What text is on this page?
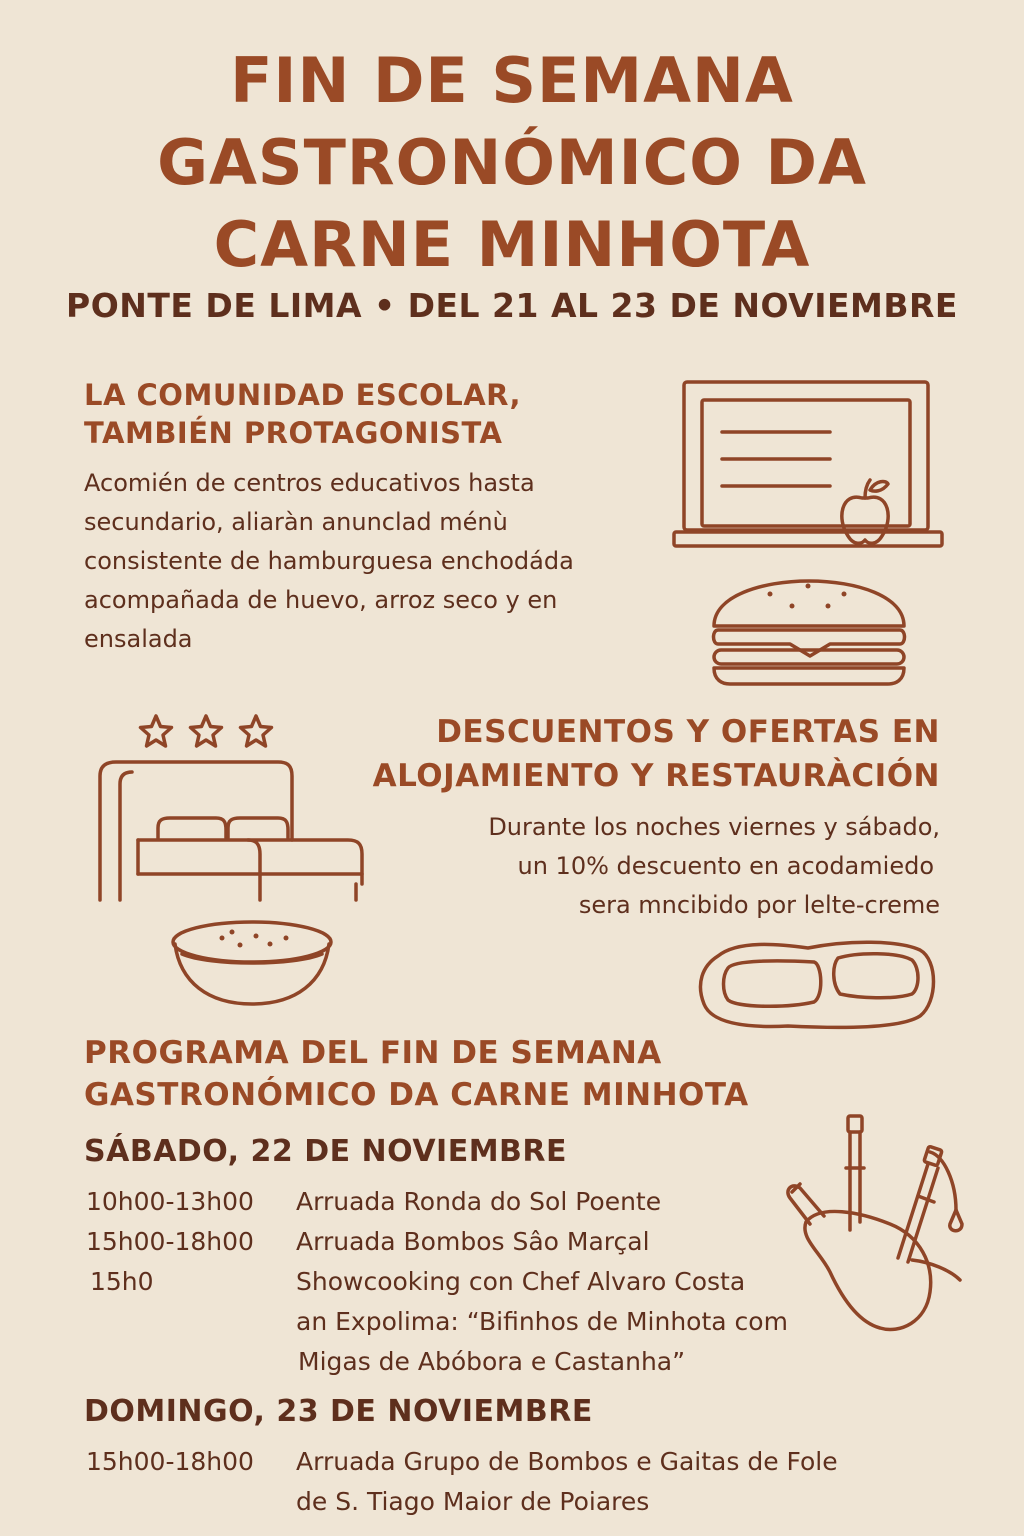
FIN DE SEMANA
GASTRONÓMICO DA
CARNE MINHOTA

PONTE DE LIMA • DEL 21 AL 23 DE NOVIEMBRE

LA COMUNIDAD ESCOLAR,
TAMBIÉN PROTAGONISTA
Acomién de centros educativos hasta
secundario, aliaràn anunclad ménù
consistente de hamburguesa enchodáda
acompañada de huevo, arroz seco y en
ensalada
DESCUENTOS Y OFERTAS EN
ALOJAMIENTO Y RESTAURÀCIÓN
Durante los noches viernes y sábado,
un 10% descuento en acodamiedo
sera mncibido por lelte-creme
PROGRAMA DEL FIN DE SEMANA
GASTRONÓMICO DA CARNE MINHOTA
SÁBADO, 22 DE NOVIEMBRE
10h00-13h00 Arruada Ronda do Sol Poente
15h00-18h00 Arruada Bombos Sâo Marçal
15h0	Showcooking con Chef Alvaro Costa
an Expolima: “Bifinhos de Minhota com
Migas de Abóbora e Castanha”
DOMINGO, 23 DE NOVIEMBRE
15h00-18h00 Arruada Grupo de Bombos e Gaitas de Fole
de S. Tiago Maior de Poiares
